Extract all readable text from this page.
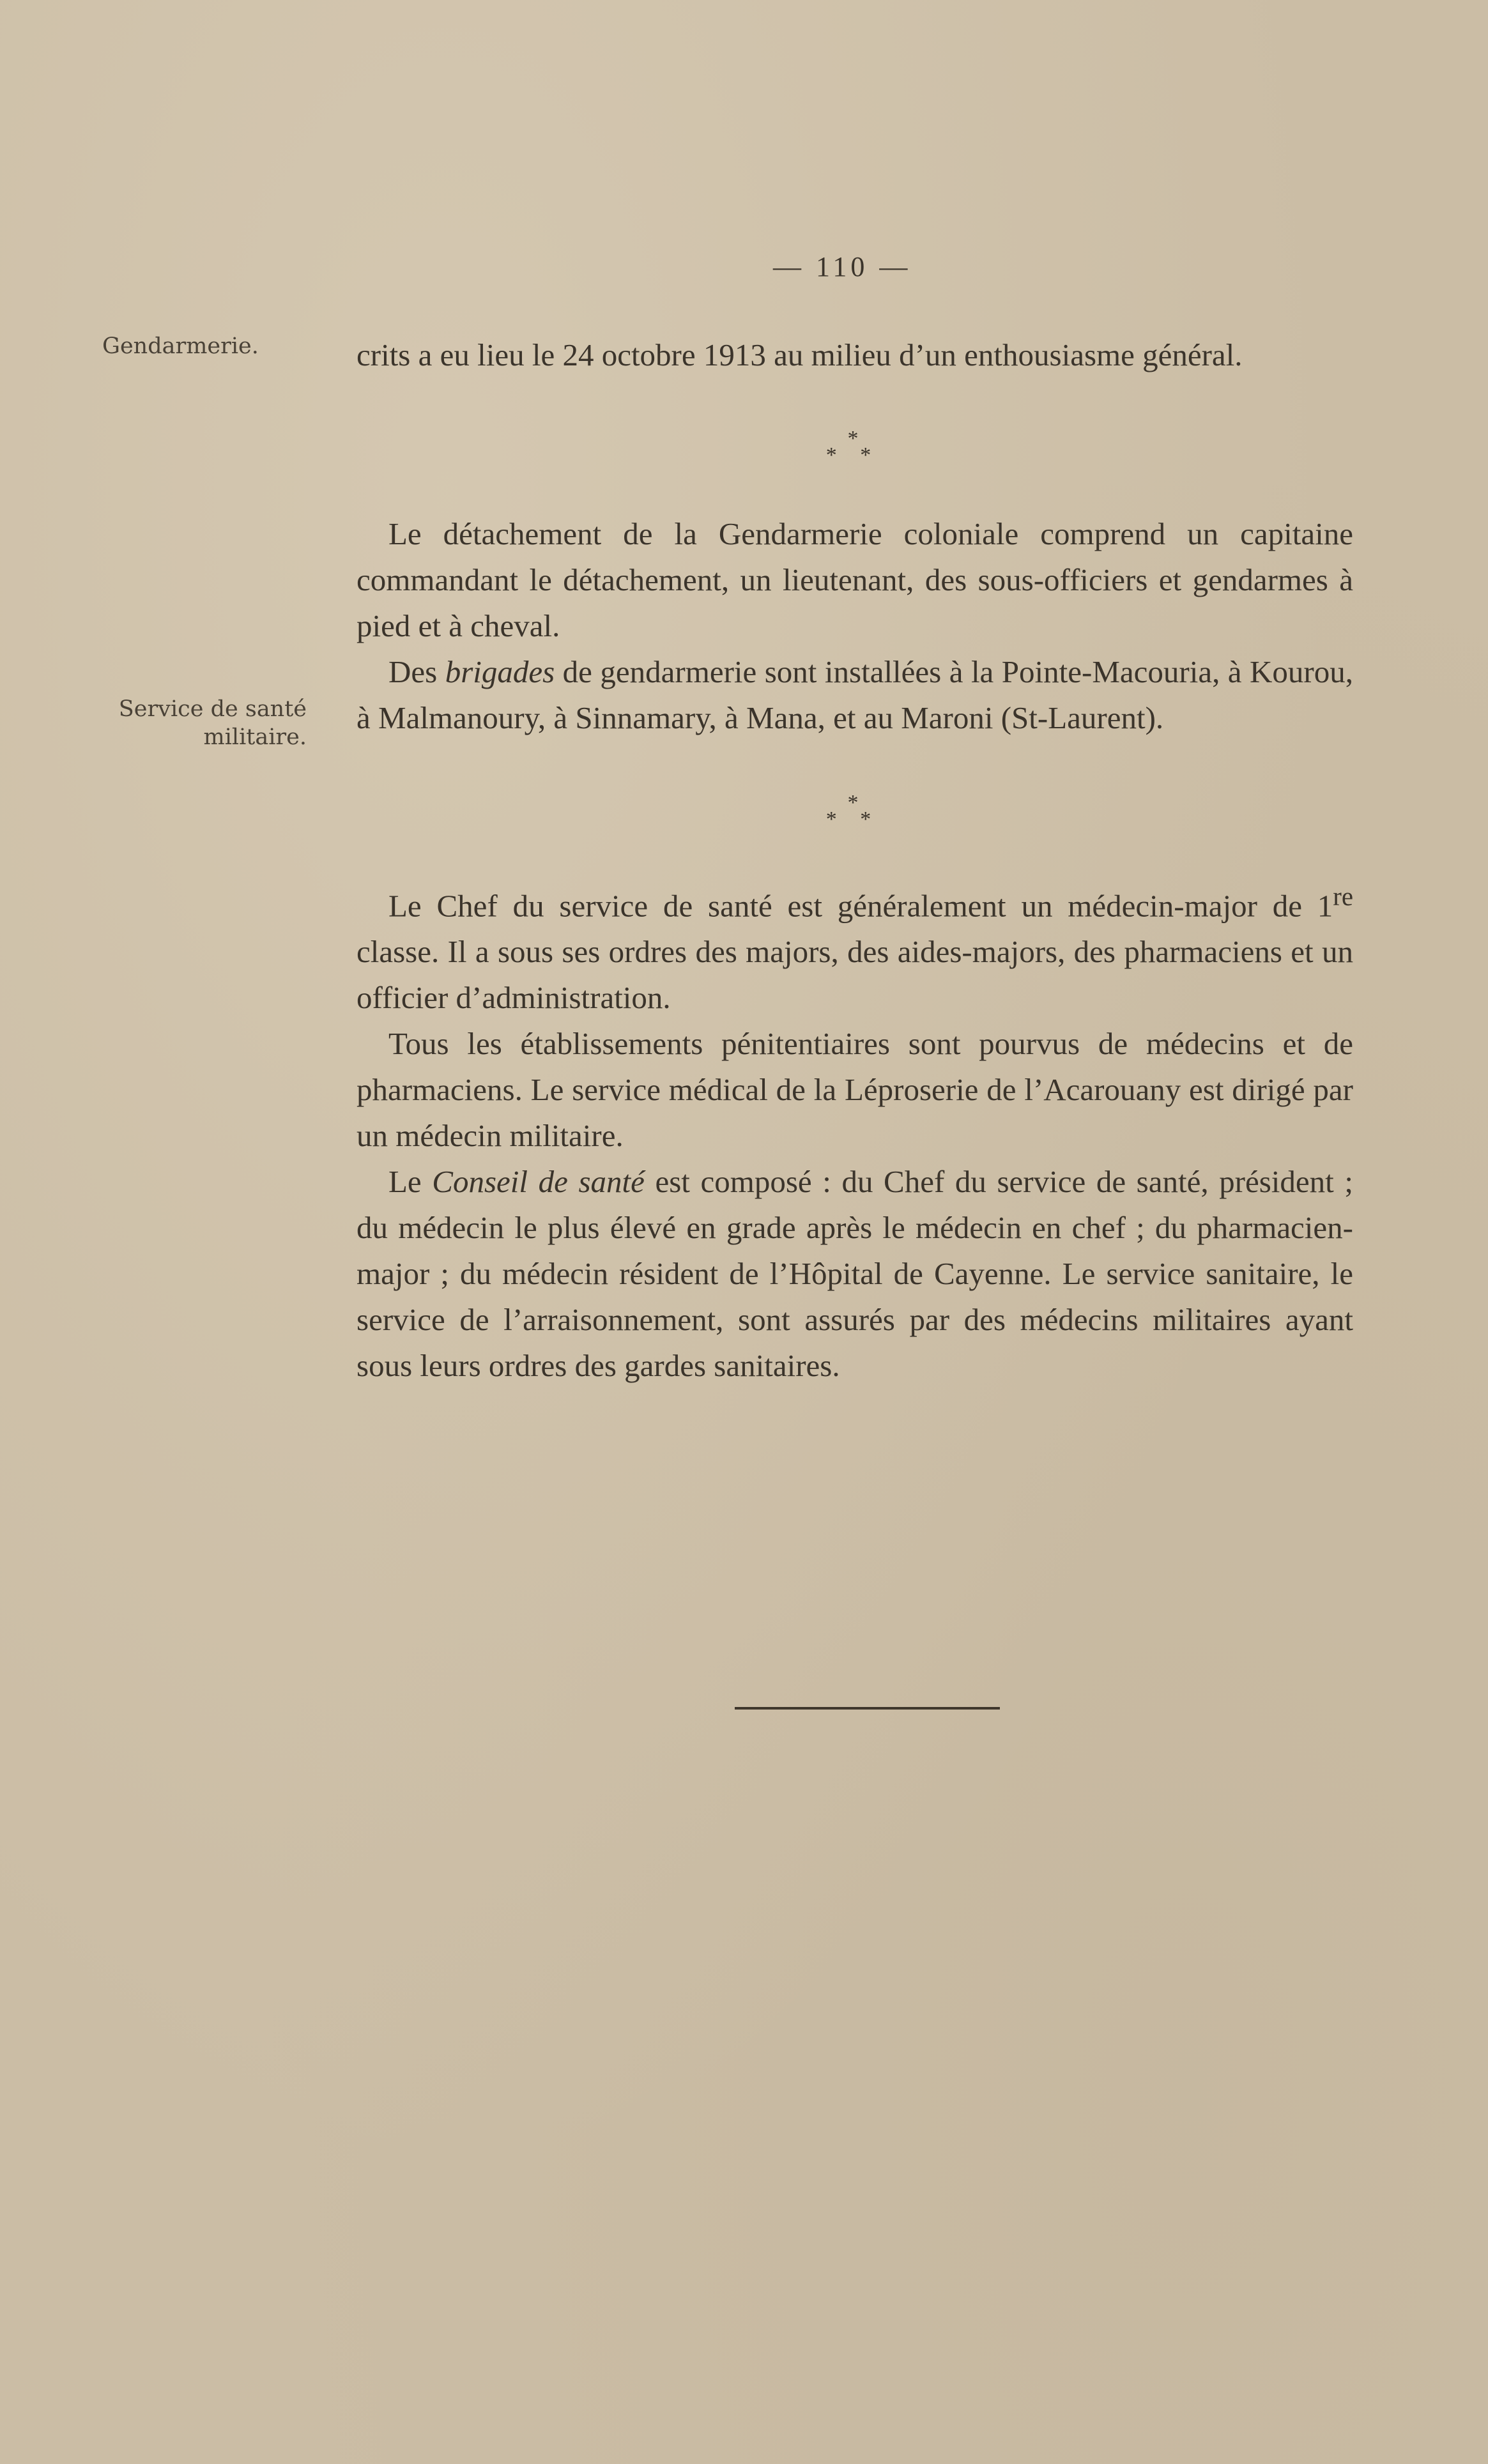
— 110 —
Gendarmerie.
Service de santé
militaire.

crits a eu lieu le 24 octobre 1913 au milieu d’un enthousiasme général.

*
* *

Le détachement de la Gendarmerie coloniale comprend un capitaine commandant le détachement, un lieutenant, des sous-officiers et gendarmes à pied et à cheval.

Des brigades de gendarmerie sont installées à la Pointe-Macouria, à Kourou, à Malmanoury, à Sinnamary, à Mana, et au Maroni (St-Laurent).

*
* *

Le Chef du service de santé est généralement un médecin-major de 1re classe. Il a sous ses ordres des majors, des aides-majors, des pharmaciens et un officier d’administration.

Tous les établissements pénitentiaires sont pourvus de médecins et de pharmaciens. Le service médical de la Léproserie de l’Acarouany est dirigé par un médecin militaire.

Le Conseil de santé est composé : du Chef du service de santé, président ; du médecin le plus élevé en grade après le médecin en chef ; du pharmacien-major ; du médecin résident de l’Hôpital de Cayenne. Le service sanitaire, le service de l’arraisonnement, sont assurés par des médecins militaires ayant sous leurs ordres des gardes sanitaires.
